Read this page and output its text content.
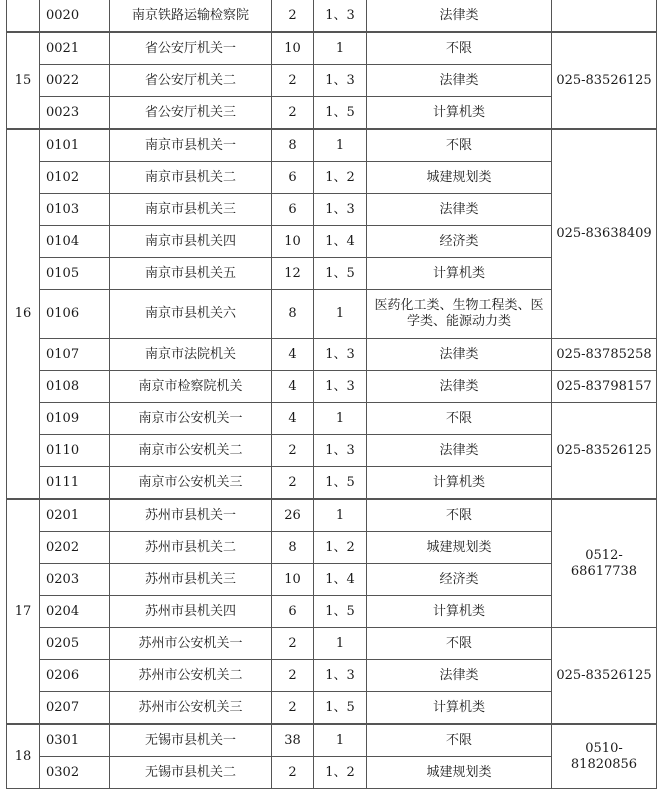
	0020	南京铁路运输检察院	2	1、3	法律类	
15	0021	省公安厅机关一	10	1	不限	025-83526125
	0022	省公安厅机关二	2	1、3	法律类	
	0023	省公安厅机关三	2	1、5	计算机类	
16	0101	南京市县机关一	8	1	不限	025-83638409
	0102	南京市县机关二	6	1、2	城建规划类	
	0103	南京市县机关三	6	1、3	法律类	
	0104	南京市县机关四	10	1、4	经济类	
	0105	南京市县机关五	12	1、5	计算机类	
	0106	南京市县机关六	8	1	医药化工类、生物工程类、医学类、能源动力类	
	0107	南京市法院机关	4	1、3	法律类	025-83785258
	0108	南京市检察院机关	4	1、3	法律类	025-83798157
	0109	南京市公安机关一	4	1	不限	025-83526125
	0110	南京市公安机关二	2	1、3	法律类	
	0111	南京市公安机关三	2	1、5	计算机类	
17	0201	苏州市县机关一	26	1	不限	0512-68617738
	0202	苏州市县机关二	8	1、2	城建规划类	
	0203	苏州市县机关三	10	1、4	经济类	
	0204	苏州市县机关四	6	1、5	计算机类	
	0205	苏州市公安机关一	2	1	不限	025-83526125
	0206	苏州市公安机关二	2	1、3	法律类	
	0207	苏州市公安机关三	2	1、5	计算机类	
18	0301	无锡市县机关一	38	1	不限	0510-81820856
	0302	无锡市县机关二	2	1、2	城建规划类	
